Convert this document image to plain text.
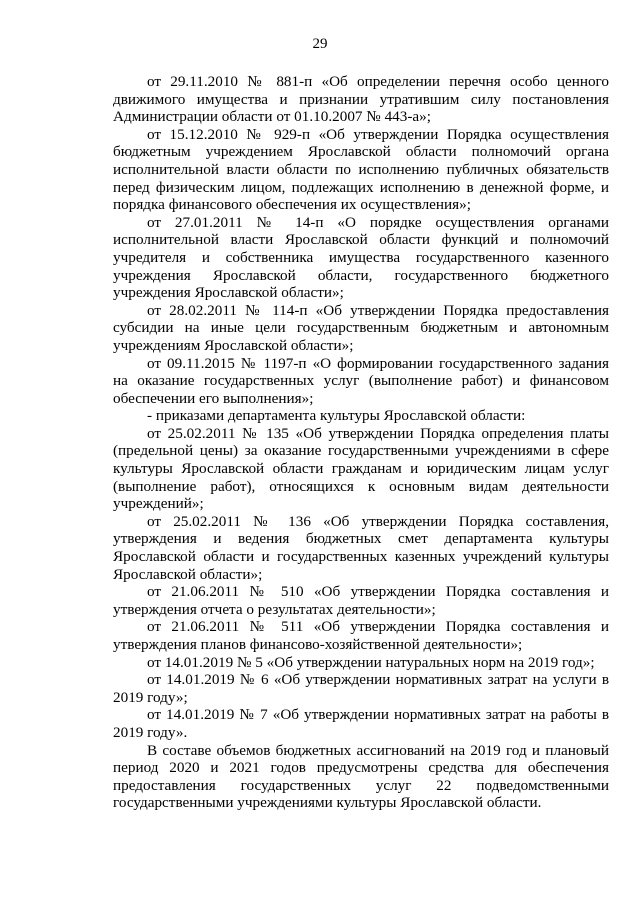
29

от 29.11.2010 № 881-п «Об определении перечня особо ценного движимого имущества и признании утратившим силу постановления Администрации области от 01.10.2007 № 443-а»;

от 15.12.2010 № 929-п «Об утверждении Порядка осуществления бюджетным учреждением Ярославской области полномочий органа исполнительной власти области по исполнению публичных обязательств перед физическим лицом, подлежащих исполнению в денежной форме, и порядка финансового обеспечения их осуществления»;

от 27.01.2011 № 14-п «О порядке осуществления органами исполнительной власти Ярославской области функций и полномочий учредителя и собственника имущества государственного казенного учреждения Ярославской области, государственного бюджетного учреждения Ярославской области»;

от 28.02.2011 № 114-п «Об утверждении Порядка предоставления субсидии на иные цели государственным бюджетным и автономным учреждениям Ярославской области»;

от 09.11.2015 № 1197-п «О формировании государственного задания на оказание государственных услуг (выполнение работ) и финансовом обеспечении его выполнения»;

- приказами департамента культуры Ярославской области:

от 25.02.2011 № 135 «Об утверждении Порядка определения платы (предельной цены) за оказание государственными учреждениями в сфере культуры Ярославской области гражданам и юридическим лицам услуг (выполнение работ), относящихся к основным видам деятельности учреждений»;

от 25.02.2011 № 136 «Об утверждении Порядка составления, утверждения и ведения бюджетных смет департамента культуры Ярославской области и государственных казенных учреждений культуры Ярославской области»;

от 21.06.2011 № 510 «Об утверждении Порядка составления и утверждения отчета о результатах деятельности»;

от 21.06.2011 № 511 «Об утверждении Порядка составления и утверждения планов финансово-хозяйственной деятельности»;

от 14.01.2019 № 5 «Об утверждении натуральных норм на 2019 год»;

от 14.01.2019 № 6 «Об утверждении нормативных затрат на услуги в 2019 году»;

от 14.01.2019 № 7 «Об утверждении нормативных затрат на работы в 2019 году».

В составе объемов бюджетных ассигнований на 2019 год и плановый период 2020 и 2021 годов предусмотрены средства для обеспечения предоставления государственных услуг 22 подведомственными государственными учреждениями культуры Ярославской области.
